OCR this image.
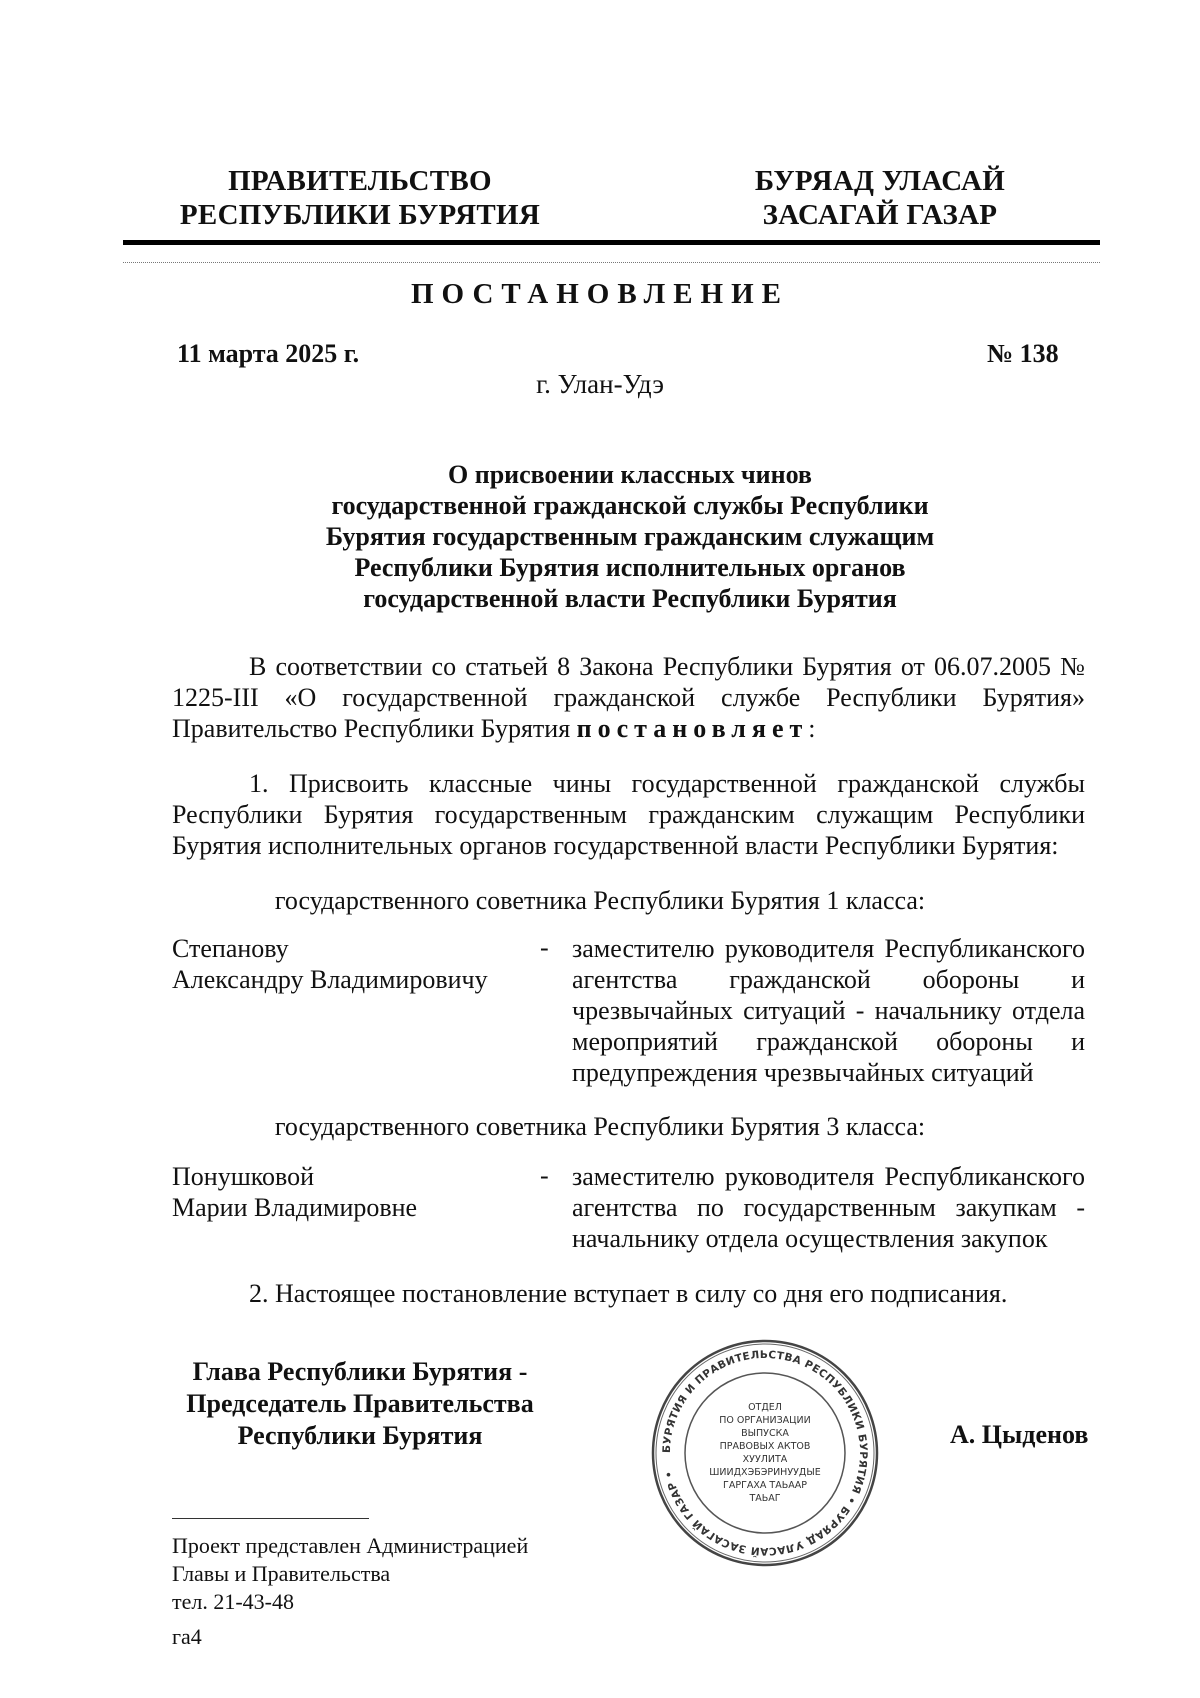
ПРАВИТЕЛЬСТВО
РЕСПУБЛИКИ БУРЯТИЯ
БУРЯАД УЛАСАЙ
ЗАСАГАЙ ГАЗАР
ПОСТАНОВЛЕНИЕ
11 марта 2025 г.	№ 138
г. Улан-Удэ
О присвоении классных чинов
государственной гражданской службы Республики
Бурятия государственным гражданским служащим
Республики Бурятия исполнительных органов
государственной власти Республики Бурятия
В соответствии со статьей 8 Закона Республики Бурятия от 06.07.2005 № 1225-III «О государственной гражданской службе Республики Бурятия» Правительство Республики Бурятия постановляет:
1. Присвоить классные чины государственной гражданской службы Республики Бурятия государственным гражданским служащим Республики Бурятия исполнительных органов государственной власти Республики Бурятия:
государственного советника Республики Бурятия 1 класса:
Степанову
Александру Владимировичу
- заместителю руководителя Республиканского агентства гражданской обороны и чрезвычайных ситуаций - начальнику отдела мероприятий гражданской обороны и предупреждения чрезвычайных ситуаций
государственного советника Республики Бурятия 3 класса:
Понушковой
Марии Владимировне
- заместителю руководителя Республиканского агентства по государственным закупкам - начальнику отдела осуществления закупок
2. Настоящее постановление вступает в силу со дня его подписания.
Глава Республики Бурятия -
Председатель Правительства
Республики Бурятия	А. Цыденов
БУРЯТИЯ И ПРАВИТЕЛЬСТВА РЕСПУБЛИКИ БУРЯТИЯ • БУРЯАД УЛАСАЙ ЗАСАГАЙ ГАЗАР •
ОТДЕЛ
ПО ОРГАНИЗАЦИИ
ВЫПУСКА
ПРАВОВЫХ АКТОВ
ХУУЛИТА
ШИИДХЭБЭРИНУУДЫЕ
ГАРГАХА ТАЬААР
ТАЬАГ
Проект представлен Администрацией
Главы и Правительства
тел. 21-43-48
га4
